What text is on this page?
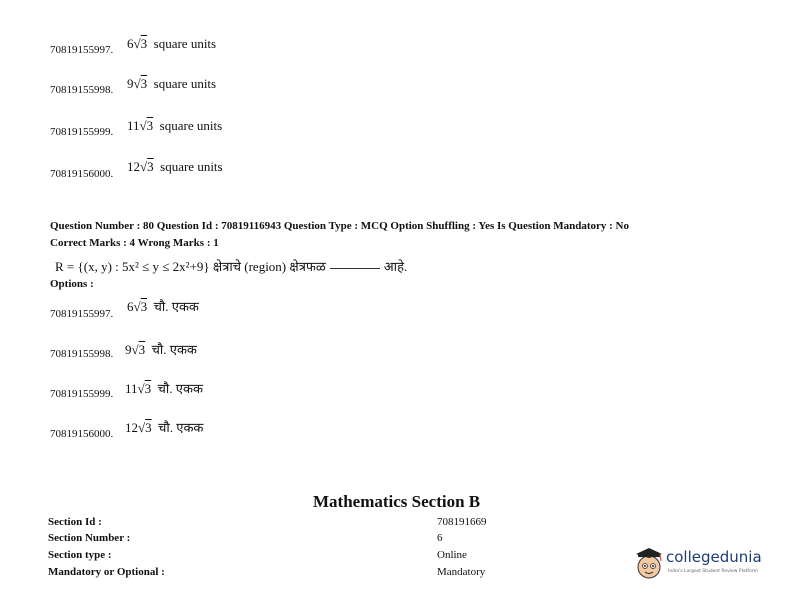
70819155997. 6√3 square units
70819155998. 9√3 square units
70819155999. 11√3 square units
70819156000. 12√3 square units
Question Number : 80 Question Id : 70819116943 Question Type : MCQ Option Shuffling : Yes Is Question Mandatory : No
Correct Marks : 4 Wrong Marks : 1
R = {(x, y) : 5x² ≤ y ≤ 2x²+9} क्षेत्राचे (region) क्षेत्रफळ	आहे.
Options :
70819155997. 6√3 चौ. एकक
70819155998. 9√3 चौ. एकक
70819155999. 11√3 चौ. एकक
70819156000. 12√3 चौ. एकक
Mathematics Section B
Section Id :	708191669
Section Number :	6
Section type :	Online
Mandatory or Optional :	Mandatory
collegedunia
India's Largest Student Review Platform
